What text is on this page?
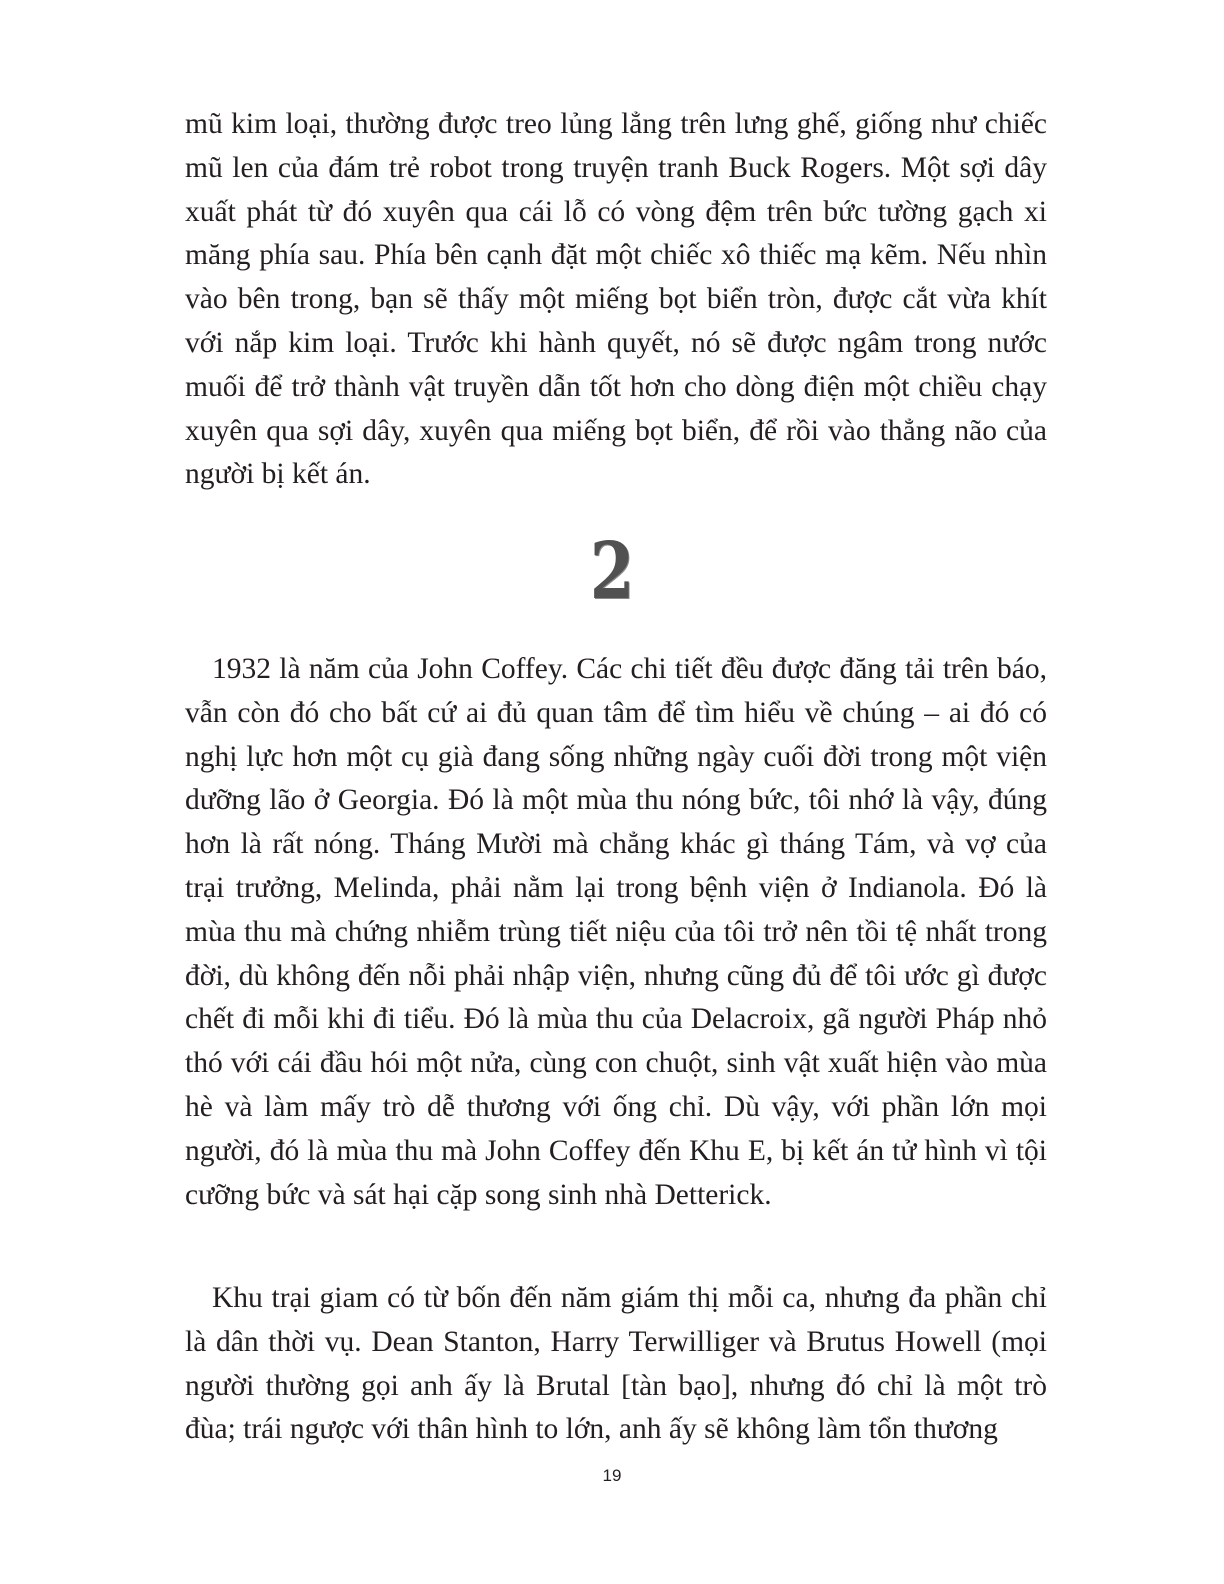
mũ kim loại, thường được treo lủng lẳng trên lưng ghế, giống như chiếc mũ len của đám trẻ robot trong truyện tranh Buck Rogers. Một sợi dây xuất phát từ đó xuyên qua cái lỗ có vòng đệm trên bức tường gạch xi măng phía sau. Phía bên cạnh đặt một chiếc xô thiếc mạ kẽm. Nếu nhìn vào bên trong, bạn sẽ thấy một miếng bọt biển tròn, được cắt vừa khít với nắp kim loại. Trước khi hành quyết, nó sẽ được ngâm trong nước muối để trở thành vật truyền dẫn tốt hơn cho dòng điện một chiều chạy xuyên qua sợi dây, xuyên qua miếng bọt biển, để rồi vào thẳng não của người bị kết án.

2

1932 là năm của John Coffey. Các chi tiết đều được đăng tải trên báo, vẫn còn đó cho bất cứ ai đủ quan tâm để tìm hiểu về chúng – ai đó có nghị lực hơn một cụ già đang sống những ngày cuối đời trong một viện dưỡng lão ở Georgia. Đó là một mùa thu nóng bức, tôi nhớ là vậy, đúng hơn là rất nóng. Tháng Mười mà chẳng khác gì tháng Tám, và vợ của trại trưởng, Melinda, phải nằm lại trong bệnh viện ở Indianola. Đó là mùa thu mà chứng nhiễm trùng tiết niệu của tôi trở nên tồi tệ nhất trong đời, dù không đến nỗi phải nhập viện, nhưng cũng đủ để tôi ước gì được chết đi mỗi khi đi tiểu. Đó là mùa thu của Delacroix, gã người Pháp nhỏ thó với cái đầu hói một nửa, cùng con chuột, sinh vật xuất hiện vào mùa hè và làm mấy trò dễ thương với ống chỉ. Dù vậy, với phần lớn mọi người, đó là mùa thu mà John Coffey đến Khu E, bị kết án tử hình vì tội cưỡng bức và sát hại cặp song sinh nhà Detterick.

Khu trại giam có từ bốn đến năm giám thị mỗi ca, nhưng đa phần chỉ là dân thời vụ. Dean Stanton, Harry Terwilliger và Brutus Howell (mọi người thường gọi anh ấy là Brutal [tàn bạo], nhưng đó chỉ là một trò đùa; trái ngược với thân hình to lớn, anh ấy sẽ không làm tổn thương

19
